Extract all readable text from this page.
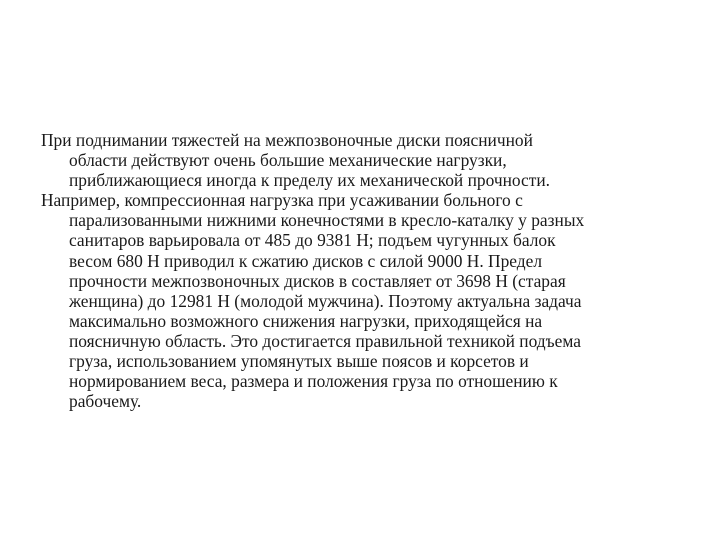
При поднимании тяжестей на межпозвоночные диски поясничной
области действуют очень большие механические нагрузки,
приближающиеся иногда к пределу их механической прочности.
Например, компрессионная нагрузка при усаживании больного с
парализованными нижними конечностями в кресло-каталку у разных
санитаров варьировала от 485 до 9381 Н; подъем чугунных балок
весом 680 Н приводил к сжатию дисков с силой 9000 Н. Предел
прочности межпозвоночных дисков в составляет от 3698 Н (старая
женщина) до 12981 Н (молодой мужчина). Поэтому актуальна задача
максимально возможного снижения нагрузки, приходящейся на
поясничную область. Это достигается правильной техникой подъема
груза, использованием упомянутых выше поясов и корсетов и
нормированием веса, размера и положения груза по отношению к
рабочему.
